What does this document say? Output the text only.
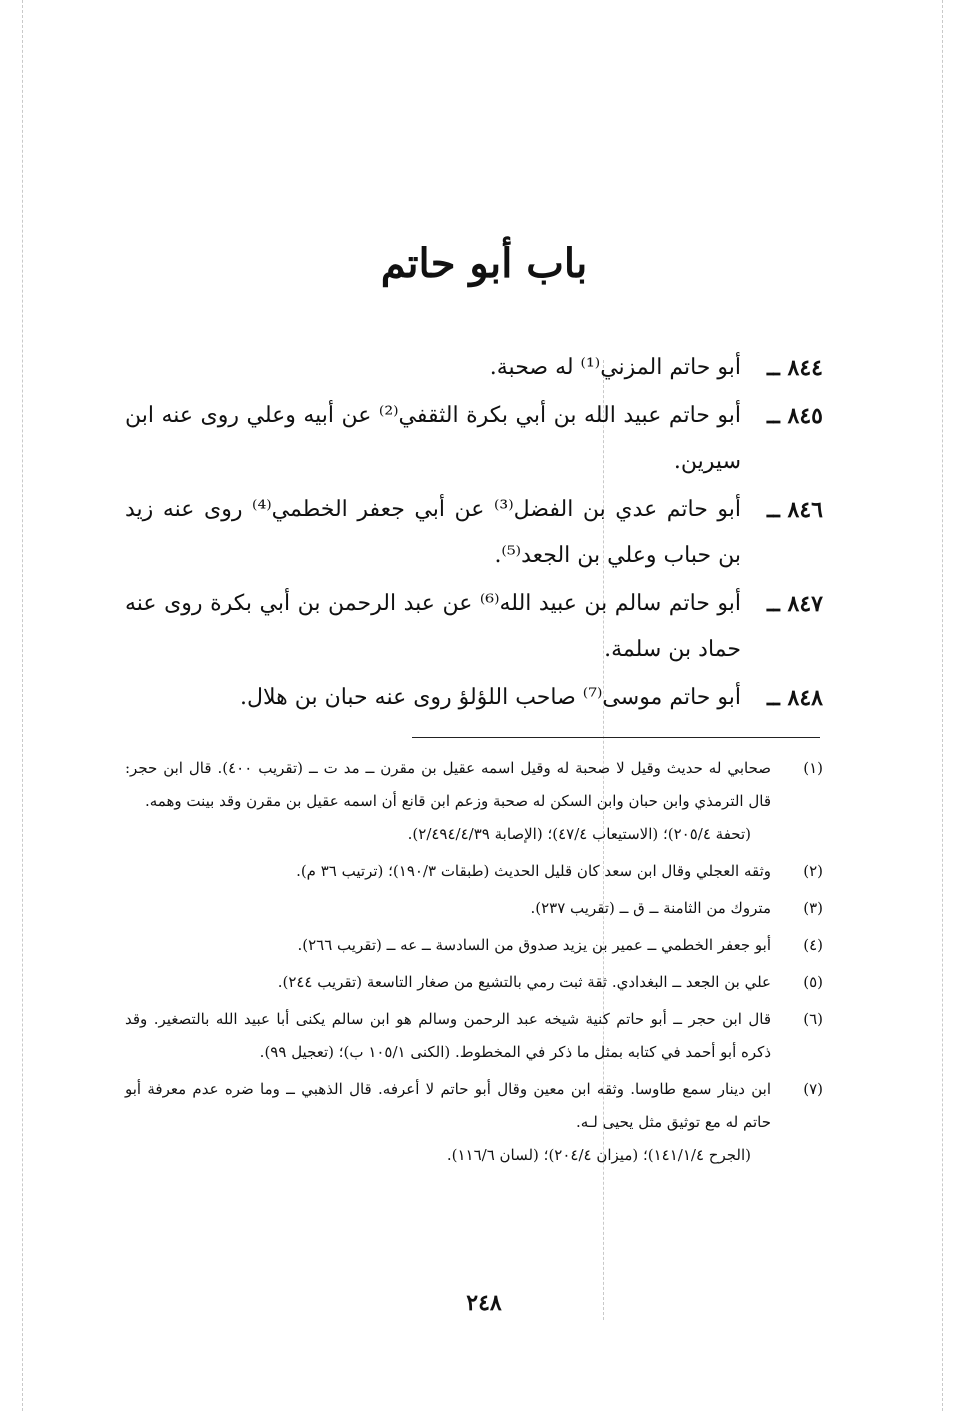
باب أبو حاتم
٨٤٤ ــ
أبو حاتم المزني⁽¹⁾ له صحبة.
٨٤٥ ــ
أبو حاتم عبيد الله بن أبي بكرة الثقفي⁽²⁾ عن أبيه وعلي روى عنه ابن سيرين.
٨٤٦ ــ
أبو حاتم عدي بن الفضل⁽³⁾ عن أبي جعفر الخطمي⁽⁴⁾ روى عنه زيد بن حباب وعلي بن الجعد⁽⁵⁾.
٨٤٧ ــ
أبو حاتم سالم بن عبيد الله⁽⁶⁾ عن عبد الرحمن بن أبي بكرة روى عنه حماد بن سلمة.
٨٤٨ ــ
أبو حاتم موسى⁽⁷⁾ صاحب اللؤلؤ روى عنه حبان بن هلال.
(١)
صحابي له حديث وقيل لا صحبة له وقيل اسمه عقيل بن مقرن ــ مد ت ــ (تقريب ٤٠٠). قال ابن حجر: قال الترمذي وابن حبان وابن السكن له صحبة وزعم ابن قانع أن اسمه عقيل بن مقرن وقد بينت وهمه.
(تحفة ٢٠٥/٤)؛ (الاستيعاب ٤٧/٤)؛ (الإصابة ٢/٤٩٤/٤/٣٩).
(٢)
وثقه العجلي وقال ابن سعد كان قليل الحديث (طبقات ١٩٠/٣)؛ (ترتيب ٣٦ م).
(٣)
متروك من الثامنة ــ ق ــ (تقريب ٢٣٧).
(٤)
أبو جعفر الخطمي ــ عمير بن يزيد صدوق من السادسة ــ عه ــ (تقريب ٢٦٦).
(٥)
علي بن الجعد ــ البغدادي. ثقة ثبت رمي بالتشيع من صغار التاسعة (تقريب ٢٤٤).
(٦)
قال ابن حجر ــ أبو حاتم كنية شيخه عبد الرحمن وسالم هو ابن سالم يكنى أبا عبيد الله بالتصغير. وقد ذكره أبو أحمد في كتابه بمثل ما ذكر في المخطوط. (الكنى ١٠٥/١ ب)؛ (تعجيل ٩٩).
(٧)
ابن دينار سمع طاوسا. وثقه ابن معين وقال أبو حاتم لا أعرفه. قال الذهبي ــ وما ضره عدم معرفة أبو حاتم له مع توثيق مثل يحيى لـه.
(الجرح ١٤١/١/٤)؛ (ميزان ٢٠٤/٤)؛ (لسان ١١٦/٦).
٢٤٨
